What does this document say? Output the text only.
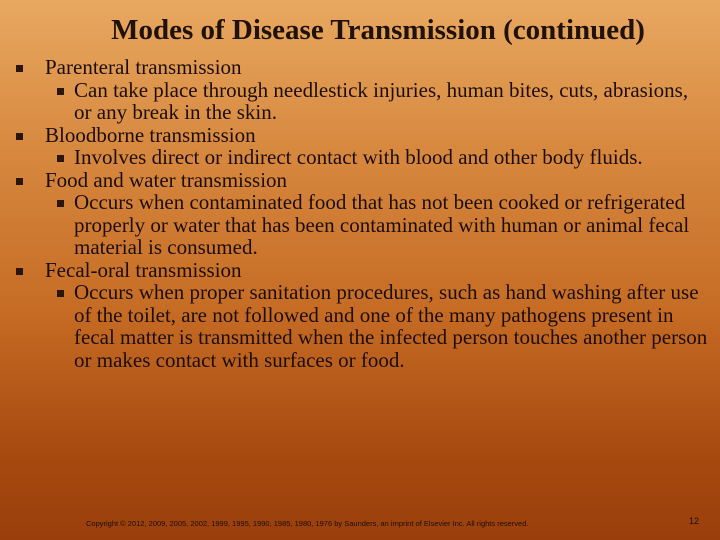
Modes of Disease Transmission (continued)
Parenteral transmission
Can take place through needlestick injuries, human bites, cuts, abrasions, or any break in the skin.
Bloodborne transmission
Involves direct or indirect contact with blood and other body fluids.
Food and water transmission
Occurs when contaminated food that has not been cooked or refrigerated properly or water that has been contaminated with human or animal fecal material is consumed.
Fecal-oral transmission
Occurs when proper sanitation procedures, such as hand washing after use of the toilet, are not followed and one of the many pathogens present in fecal matter is transmitted when the infected person touches another person or makes contact with surfaces or food.
Copyright © 2012, 2009, 2005, 2002, 1999, 1995, 1990, 1985, 1980, 1976 by Saunders, an imprint of Elsevier Inc. All rights reserved.	12
